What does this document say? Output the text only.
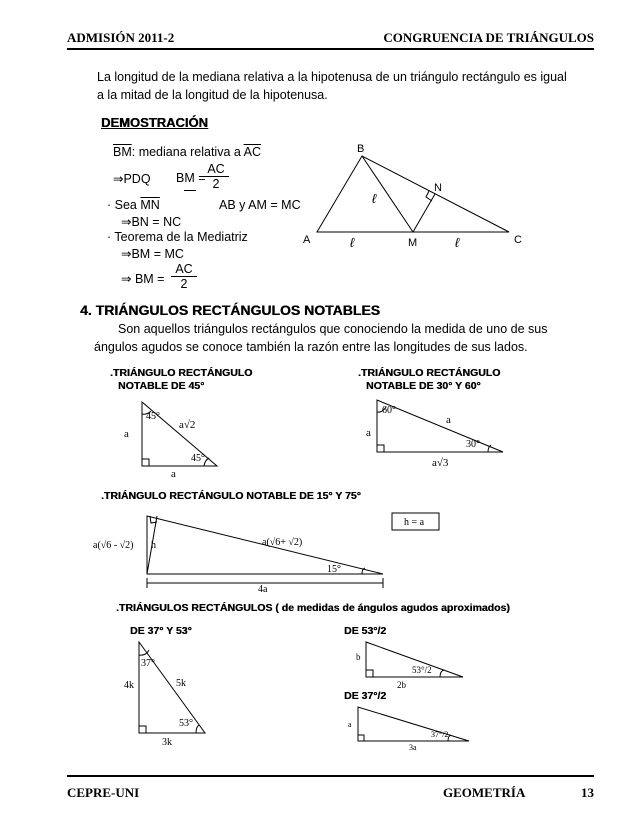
ADMISIÓN 2011-2	CONGRUENCIA DE TRIÁNGULOS
La longitud de la mediana relativa a la hipotenusa de un triángulo rectángulo es igual a la mitad de la longitud de la hipotenusa.
DEMOSTRACIÓN
$\overline{BM}$: mediana relativa a $\overline{AC}$
⇒PDQ BM =
$\frac{AC}{2}$
· Sea $\overline{MN}$	AB y AM = MC
⇒BN = NC
· Teorema de la Mediatriz
⇒BM = MC
⇒ BM = $\frac{AC}{2}$
4. TRIÁNGULOS RECTÁNGULOS NOTABLES
Son aquellos triángulos rectángulos que conociendo la medida de uno de sus ángulos agudos se conoce también la razón entre las longitudes de sus lados.
.TRIÁNGULO RECTÁNGULO
NOTABLE DE 45°
.TRIÁNGULO RECTÁNGULO
NOTABLE DE 30° Y 60°
.TRIÁNGULO RECTÁNGULO NOTABLE DE 15° Y 75°
.TRIÁNGULOS RECTÁNGULOS ( de medidas de ángulos agudos aproximados)
DE 37° Y 53°	DE 53°/2
DE 37°/2
A
B
C
M
N
ℓ
ℓ	ℓ
45°
45°
a
a
a√2
60°
30°
a
a
a√3
h = a
a(√6 - √2) h	a(√6+ √2)
15°
4a
37°
53°
4k	5k
3k
b
53°/2
2b
a
37°/2
3a
CEPRE-UNI	GEOMETRÍA	13
